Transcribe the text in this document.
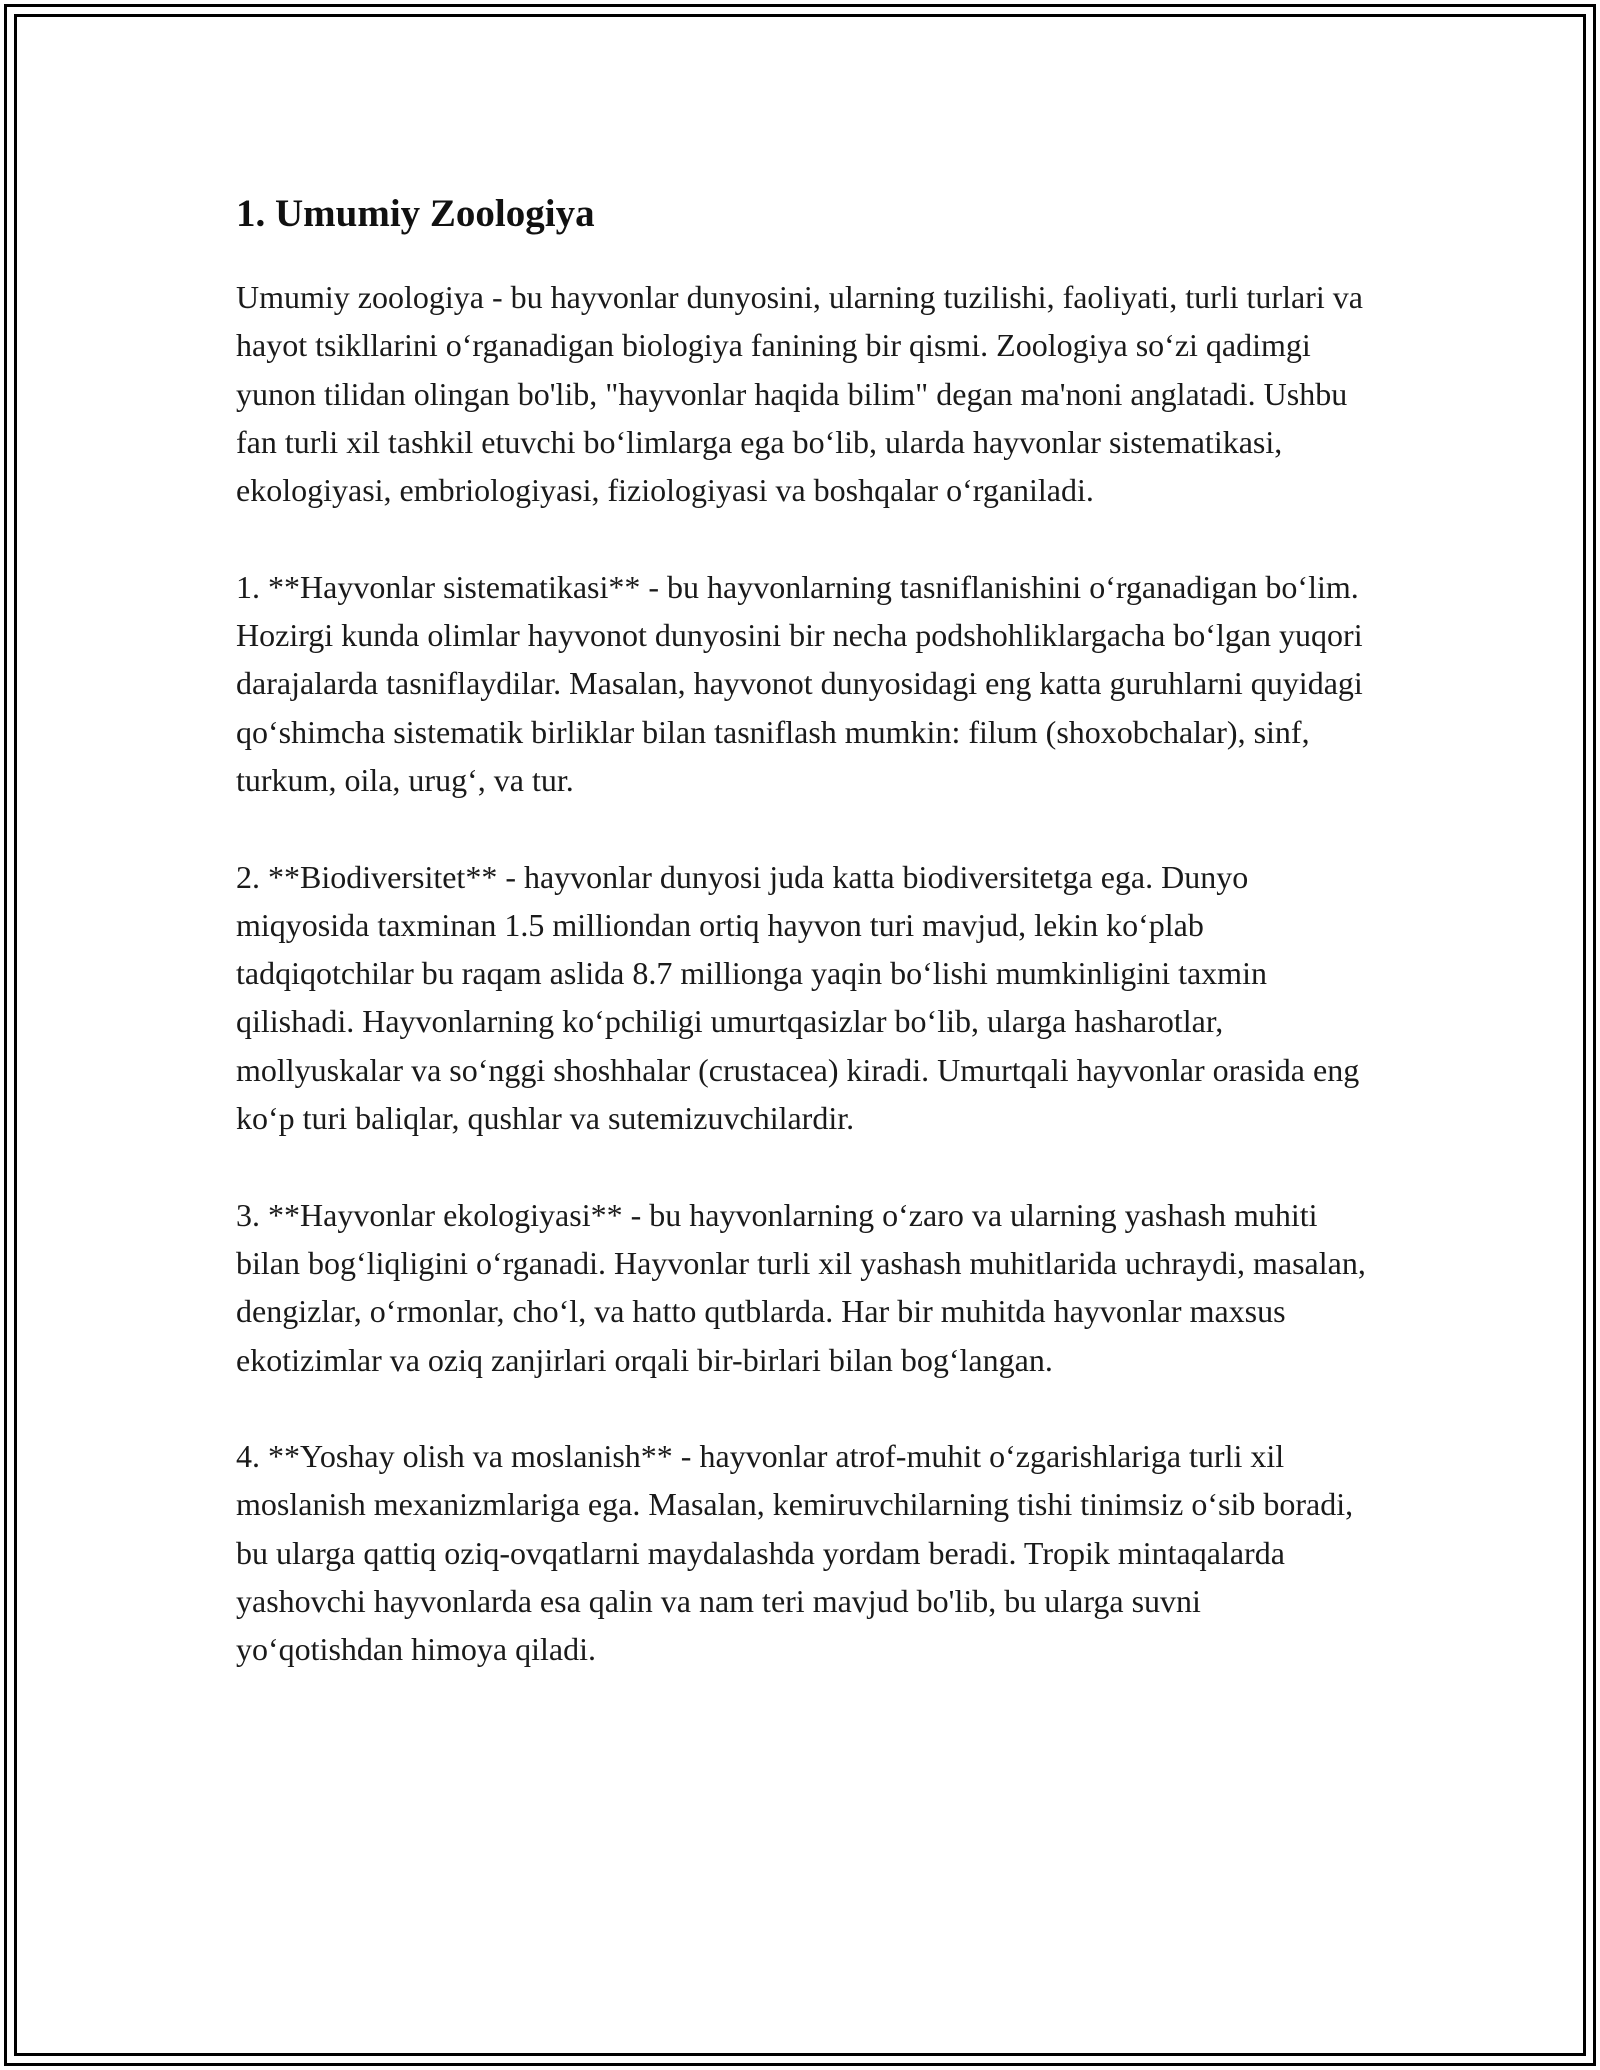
1. Umumiy Zoologiya

Umumiy zoologiya - bu hayvonlar dunyosini, ularning tuzilishi, faoliyati, turli turlari va hayot tsikllarini oʻrganadigan biologiya fanining bir qismi. Zoologiya soʻzi qadimgi yunon tilidan olingan bo'lib, "hayvonlar haqida bilim" degan ma'noni anglatadi. Ushbu fan turli xil tashkil etuvchi boʻlimlarga ega boʻlib, ularda hayvonlar sistematikasi, ekologiyasi, embriologiyasi, fiziologiyasi va boshqalar oʻrganiladi.

1. **Hayvonlar sistematikasi** - bu hayvonlarning tasniflanishini oʻrganadigan boʻlim. Hozirgi kunda olimlar hayvonot dunyosini bir necha podshohliklargacha boʻlgan yuqori darajalarda tasniflaydilar. Masalan, hayvonot dunyosidagi eng katta guruhlarni quyidagi qoʻshimcha sistematik birliklar bilan tasniflash mumkin: filum (shoxobchalar), sinf, turkum, oila, urugʻ, va tur.

2. **Biodiversitet** - hayvonlar dunyosi juda katta biodiversitetga ega. Dunyo miqyosida taxminan 1.5 milliondan ortiq hayvon turi mavjud, lekin koʻplab tadqiqotchilar bu raqam aslida 8.7 millionga yaqin boʻlishi mumkinligini taxmin qilishadi. Hayvonlarning koʻpchiligi umurtqasizlar boʻlib, ularga hasharotlar, mollyuskalar va soʻnggi shoshhalar (crustacea) kiradi. Umurtqali hayvonlar orasida eng koʻp turi baliqlar, qushlar va sutemizuvchilardir.

3. **Hayvonlar ekologiyasi** - bu hayvonlarning oʻzaro va ularning yashash muhiti bilan bogʻliqligini oʻrganadi. Hayvonlar turli xil yashash muhitlarida uchraydi, masalan, dengizlar, oʻrmonlar, choʻl, va hatto qutblarda. Har bir muhitda hayvonlar maxsus ekotizimlar va oziq zanjirlari orqali bir-birlari bilan bogʻlangan.

4. **Yoshay olish va moslanish** - hayvonlar atrof-muhit oʻzgarishlariga turli xil moslanish mexanizmlariga ega. Masalan, kemiruvchilarning tishi tinimsiz oʻsib boradi, bu ularga qattiq oziq-ovqatlarni maydalashda yordam beradi. Tropik mintaqalarda yashovchi hayvonlarda esa qalin va nam teri mavjud bo'lib, bu ularga suvni yoʻqotishdan himoya qiladi.
